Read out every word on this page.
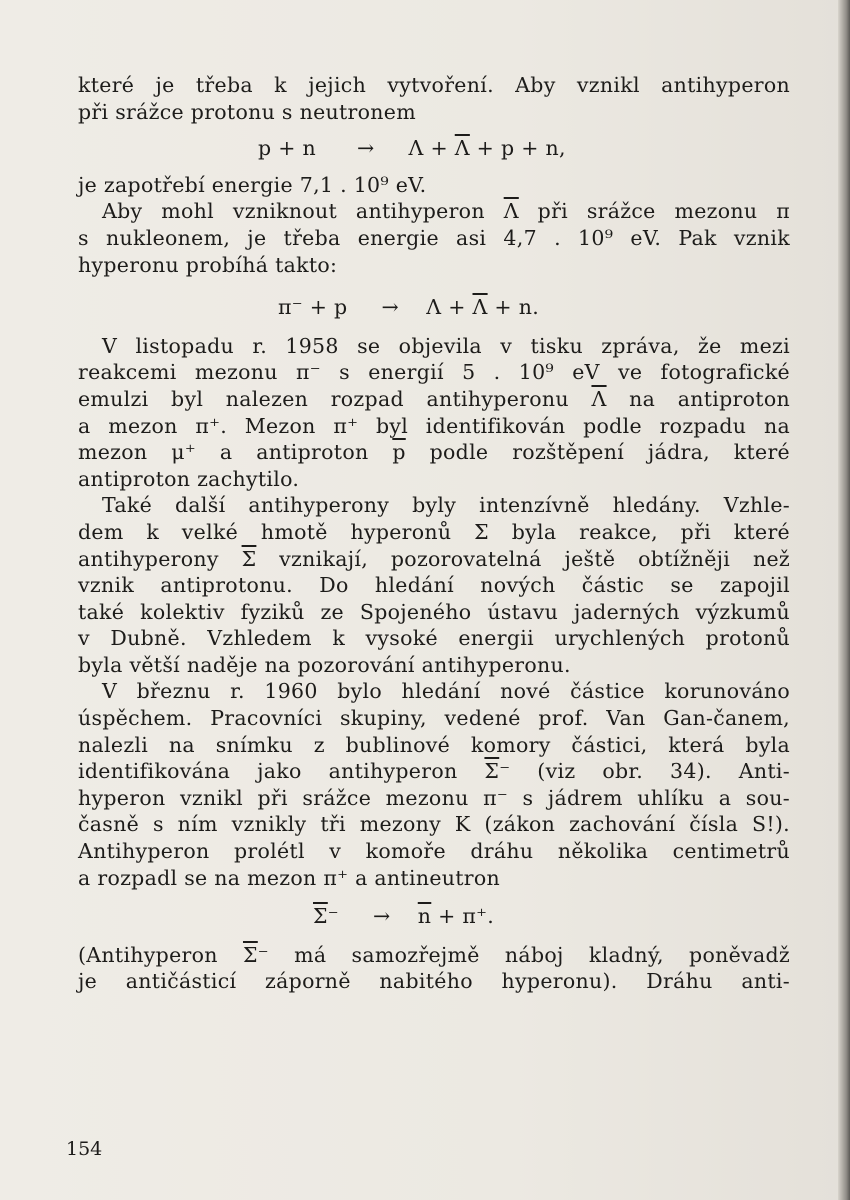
které je třeba k jejich vytvoření. Aby vznikl antihyperon
při srážce protonu s neutronem
$p + n \to \Lambda + \overline{\Lambda} + p + n$,
je zapotřebí energie 7,1 . 10⁹ eV.
Aby mohl vzniknout antihyperon $\overline{\Lambda}$ při srážce mezonu π
s nukleonem, je třeba energie asi 4,7 . 10⁹ eV. Pak vznik
hyperonu probíhá takto:
$\pi^- + p \to \Lambda + \overline{\Lambda} + n$.
V listopadu r. 1958 se objevila v tisku zpráva, že mezi
reakcemi mezonu π⁻ s energií 5 . 10⁹ eV ve fotografické
emulzi byl nalezen rozpad antihyperonu $\overline{\Lambda}$ na antiproton
a mezon π⁺. Mezon π⁺ byl identifikován podle rozpadu na
mezon μ⁺ a antiproton $\overline{p}$ podle rozštěpení jádra, které
antiproton zachytilo.
Také další antihyperony byly intenzívně hledány. Vzhle-
dem k velké hmotě hyperonů Σ byla reakce, při které
antihyperony $\overline{\Sigma}$ vznikají, pozorovatelná ještě obtížněji než
vznik antiprotonu. Do hledání nových částic se zapojil
také kolektiv fyziků ze Spojeného ústavu jaderných výzkumů
v Dubně. Vzhledem k vysoké energii urychlených protonů
byla větší naděje na pozorování antihyperonu.
V březnu r. 1960 bylo hledání nové částice korunováno
úspěchem. Pracovníci skupiny, vedené prof. Van Gan-čanem,
nalezli na snímku z bublinové komory částici, která byla
identifikována jako antihyperon $\overline{\Sigma}^-$ (viz obr. 34). Anti-
hyperon vznikl při srážce mezonu π⁻ s jádrem uhlíku a sou-
časně s ním vznikly tři mezony K (zákon zachování čísla S!).
Antihyperon prolétl v komoře dráhu několika centimetrů
a rozpadl se na mezon π⁺ a antineutron
$\overline{\Sigma}^- \to \overline{n} + \pi^+$.
(Antihyperon $\overline{\Sigma}^-$ má samozřejmě náboj kladný, poněvadž
je antičásticí záporně nabitého hyperonu). Dráhu anti-
154
